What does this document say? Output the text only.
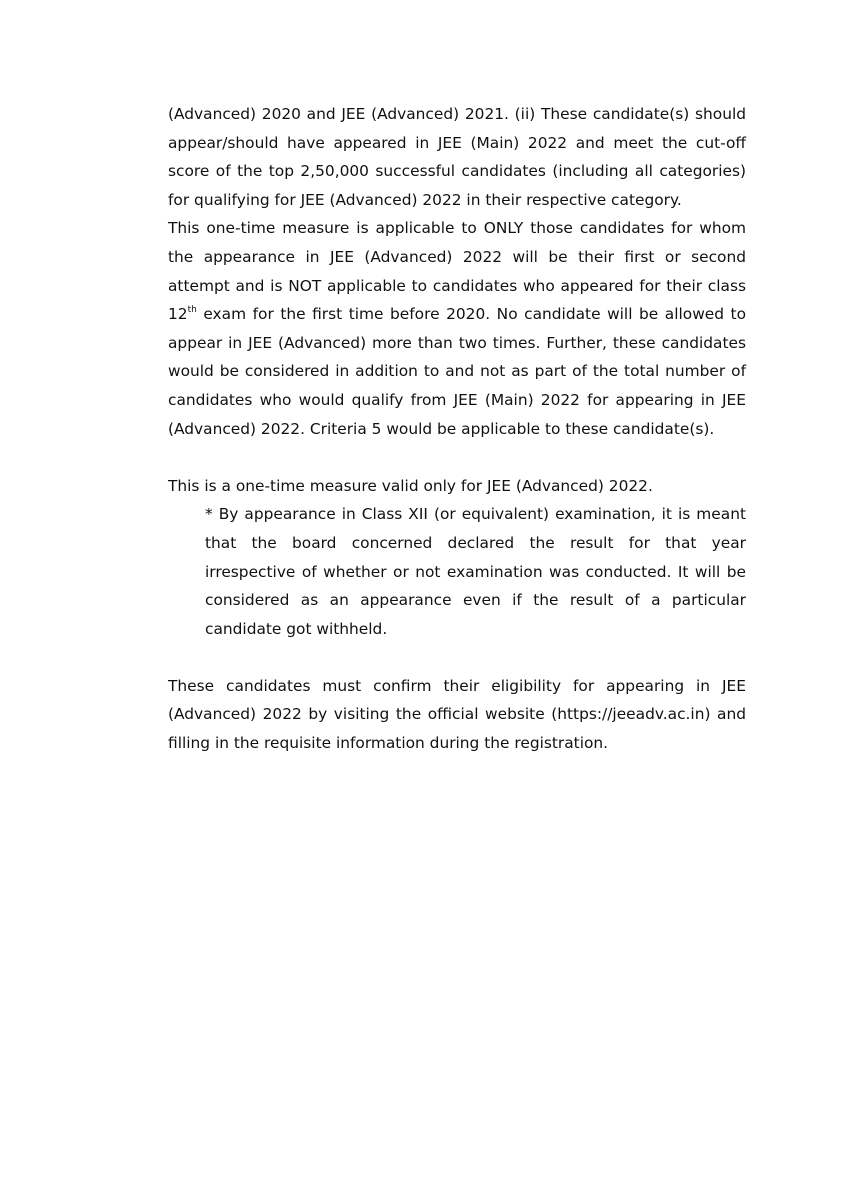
(Advanced) 2020 and JEE (Advanced) 2021. (ii) These candidate(s) should appear/should have appeared in JEE (Main) 2022 and meet the cut-off score of the top 2,50,000 successful candidates (including all categories) for qualifying for JEE (Advanced) 2022 in their respective category.

This one-time measure is applicable to ONLY those candidates for whom the appearance in JEE (Advanced) 2022 will be their first or second attempt and is NOT applicable to candidates who appeared for their class 12th exam for the first time before 2020. No candidate will be allowed to appear in JEE (Advanced) more than two times. Further, these candidates would be considered in addition to and not as part of the total number of candidates who would qualify from JEE (Main) 2022 for appearing in JEE (Advanced) 2022. Criteria 5 would be applicable to these candidate(s).

This is a one-time measure valid only for JEE (Advanced) 2022.

* By appearance in Class XII (or equivalent) examination, it is meant that the board concerned declared the result for that year irrespective of whether or not examination was conducted. It will be considered as an appearance even if the result of a particular candidate got withheld.

These candidates must confirm their eligibility for appearing in JEE (Advanced) 2022 by visiting the official website (https://jeeadv.ac.in) and filling in the requisite information during the registration.
